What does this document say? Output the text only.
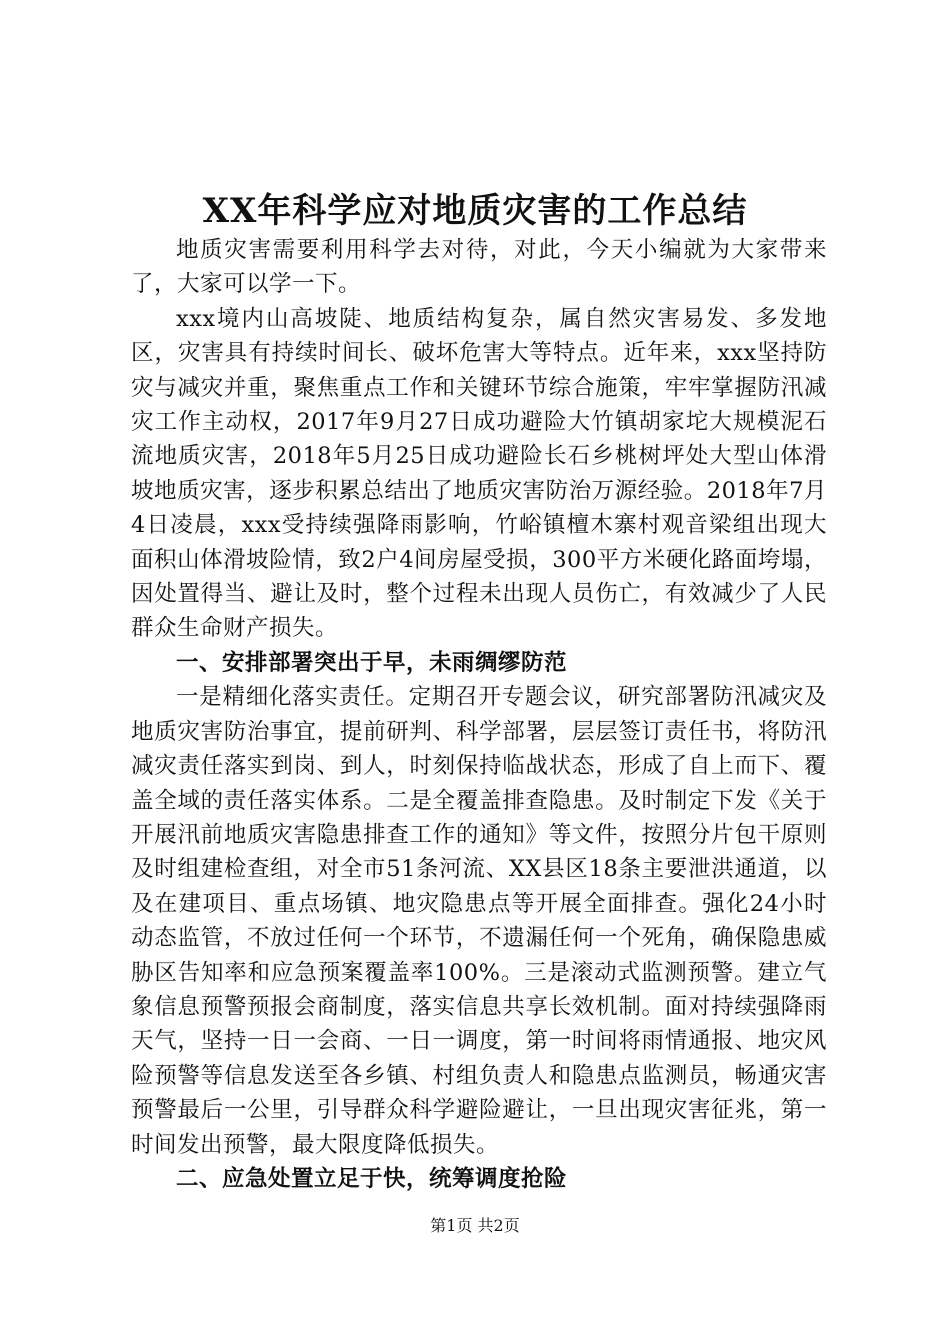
XX年科学应对地质灾害的工作总结

地质灾害需要利用科学去对待，对此，今天小编就为大家带来了，大家可以学一下。

xxx境内山高坡陡、地质结构复杂，属自然灾害易发、多发地区，灾害具有持续时间长、破坏危害大等特点。近年来，xxx坚持防灾与减灾并重，聚焦重点工作和关键环节综合施策，牢牢掌握防汛减灾工作主动权，2017年9月27日成功避险大竹镇胡家坨大规模泥石流地质灾害，2018年5月25日成功避险长石乡桃树坪处大型山体滑坡地质灾害，逐步积累总结出了地质灾害防治万源经验。2018年7月4日凌晨，xxx受持续强降雨影响，竹峪镇檀木寨村观音梁组出现大面积山体滑坡险情，致2户4间房屋受损，300平方米硬化路面垮塌，因处置得当、避让及时，整个过程未出现人员伤亡，有效减少了人民群众生命财产损失。

一、安排部署突出于早，未雨绸缪防范

一是精细化落实责任。定期召开专题会议，研究部署防汛减灾及地质灾害防治事宜，提前研判、科学部署，层层签订责任书，将防汛减灾责任落实到岗、到人，时刻保持临战状态，形成了自上而下、覆盖全域的责任落实体系。二是全覆盖排查隐患。及时制定下发《关于开展汛前地质灾害隐患排查工作的通知》等文件，按照分片包干原则及时组建检查组，对全市51条河流、XX县区18条主要泄洪通道，以及在建项目、重点场镇、地灾隐患点等开展全面排查。强化24小时动态监管，不放过任何一个环节，不遗漏任何一个死角，确保隐患威胁区告知率和应急预案覆盖率100%。三是滚动式监测预警。建立气象信息预警预报会商制度，落实信息共享长效机制。面对持续强降雨天气，坚持一日一会商、一日一调度，第一时间将雨情通报、地灾风险预警等信息发送至各乡镇、村组负责人和隐患点监测员，畅通灾害预警最后一公里，引导群众科学避险避让，一旦出现灾害征兆，第一时间发出预警，最大限度降低损失。

二、应急处置立足于快，统筹调度抢险

第1页 共2页
